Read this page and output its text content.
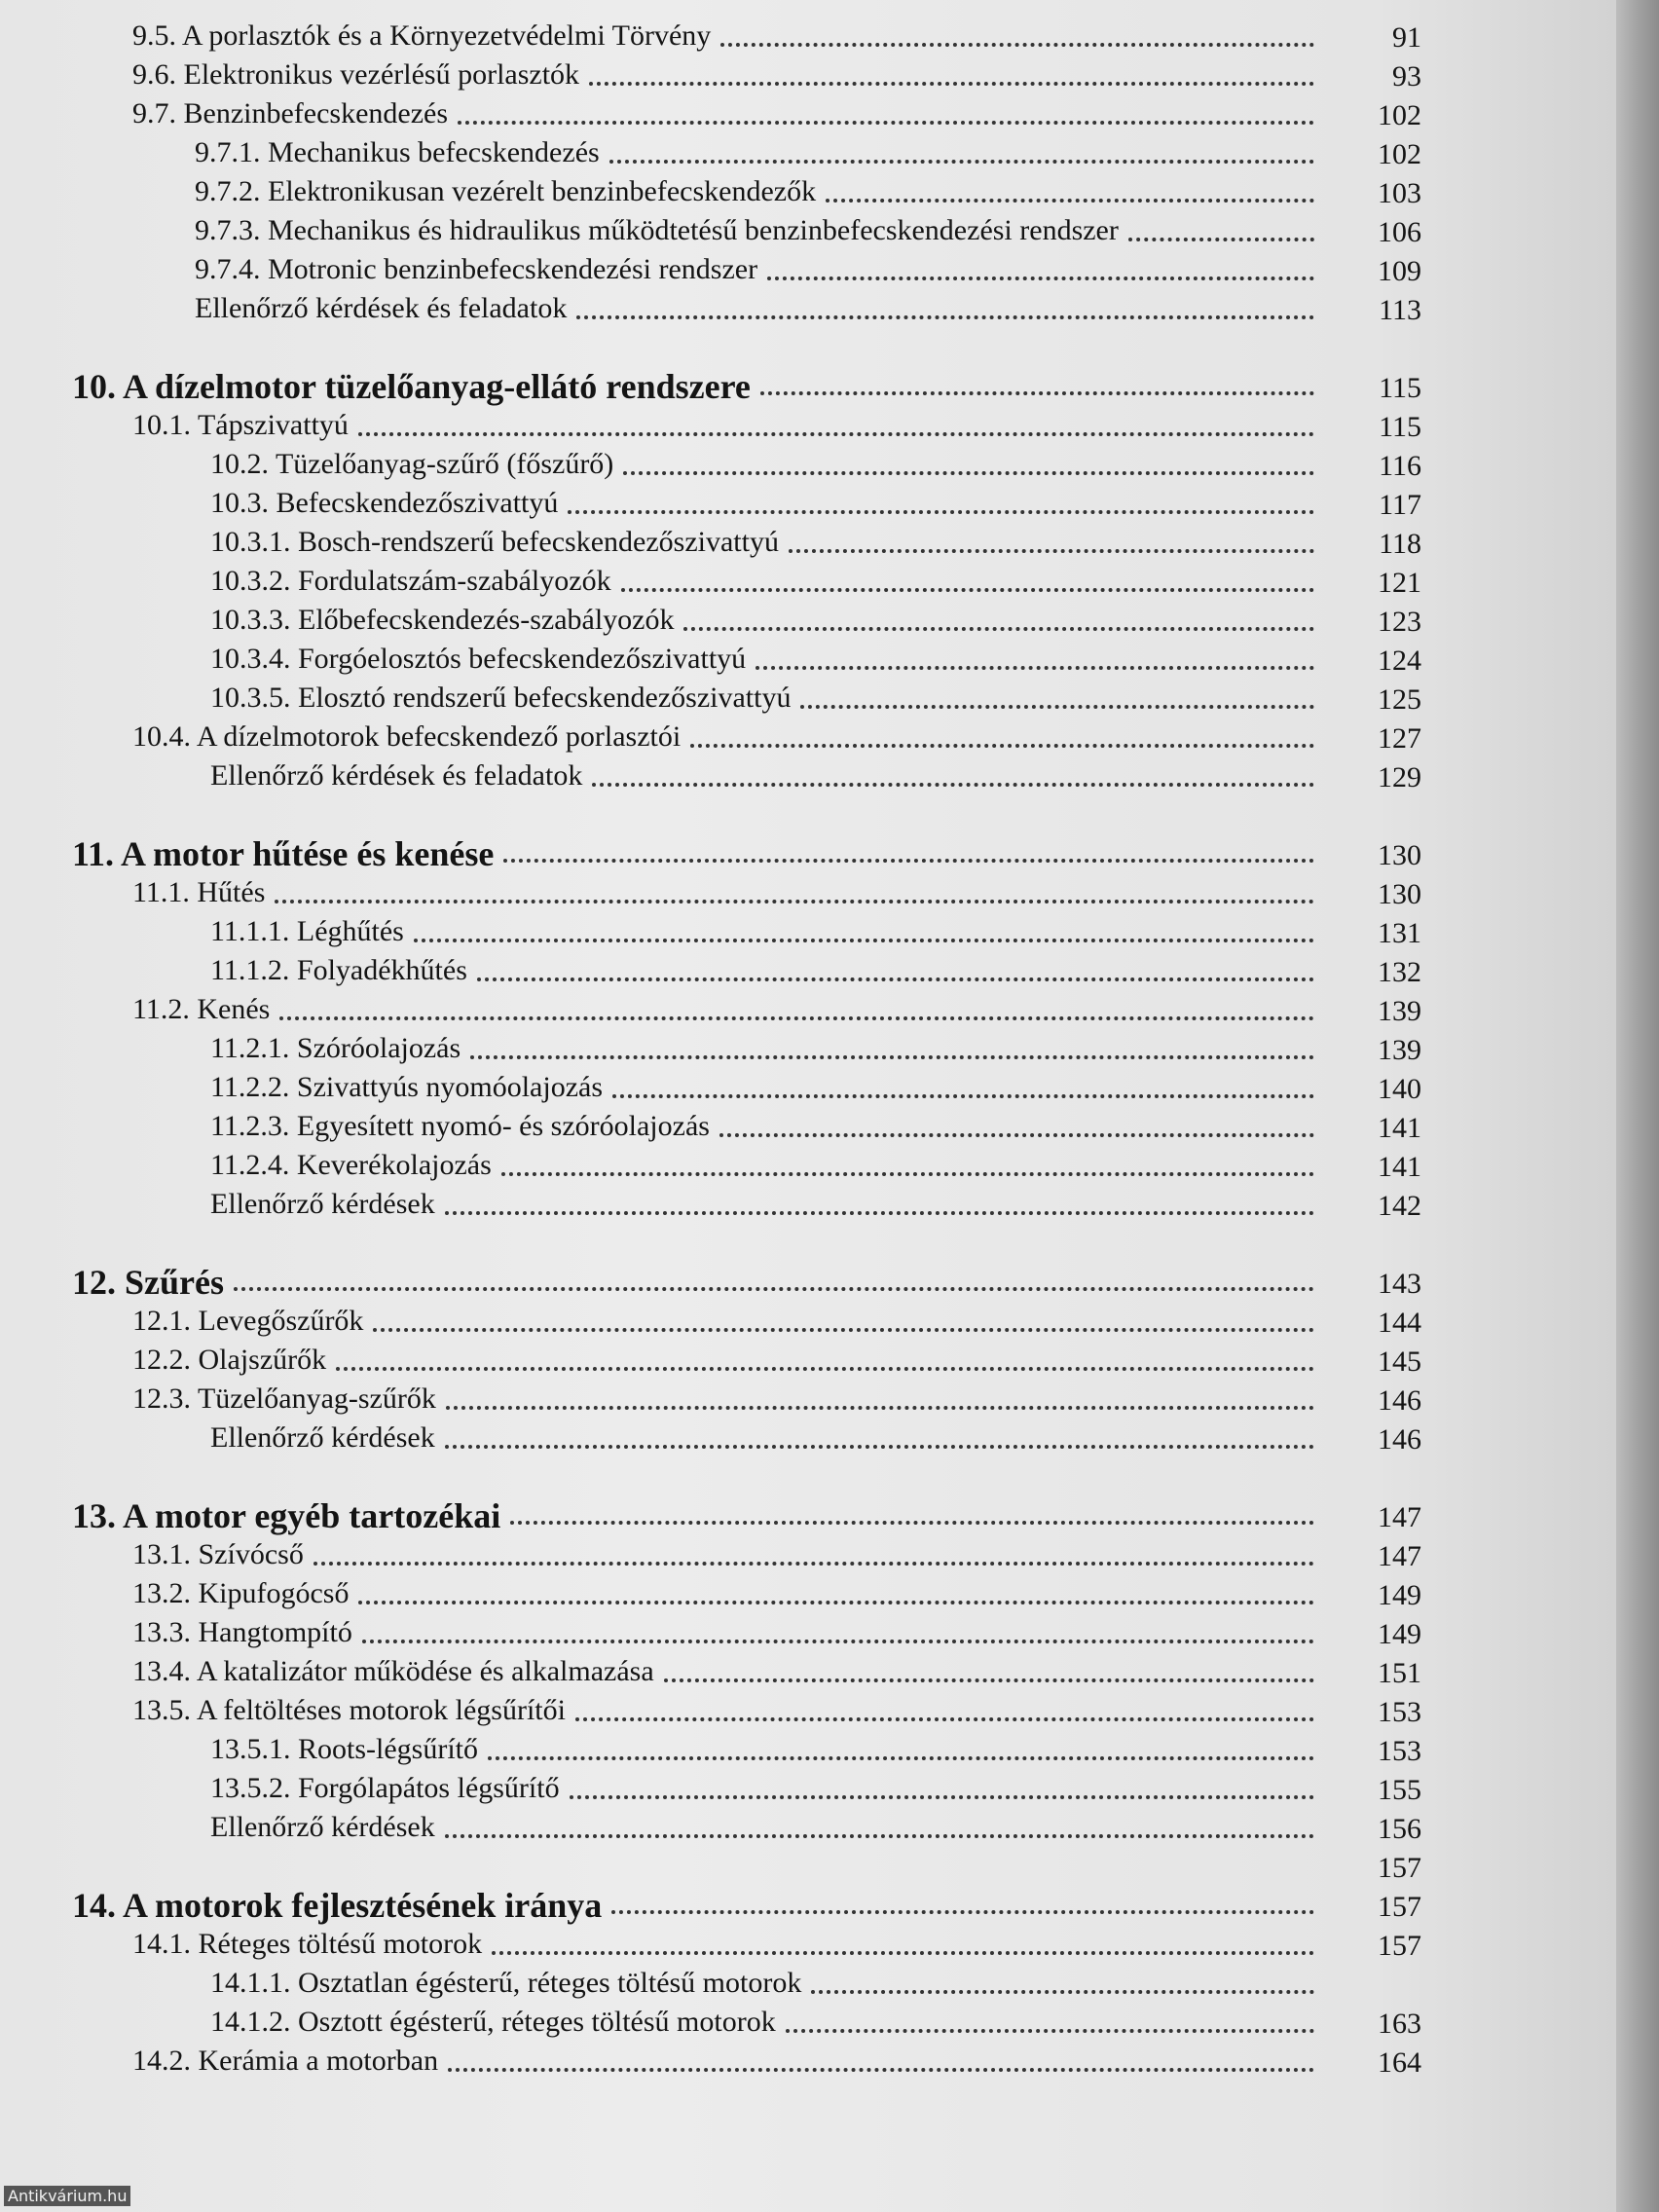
9.5. A porlasztók és a Környezetvédelmi Törvény
9.6. Elektronikus vezérlésű porlasztók
9.7. Benzinbefecskendezés
9.7.1. Mechanikus befecskendezés
9.7.2. Elektronikusan vezérelt benzinbefecskendezők
9.7.3. Mechanikus és hidraulikus működtetésű benzinbefecskendezési rendszer
9.7.4. Motronic benzinbefecskendezési rendszer
Ellenőrző kérdések és feladatok
10. A dízelmotor tüzelőanyag-ellátó rendszere
10.1. Tápszivattyú
10.2. Tüzelőanyag-szűrő (főszűrő)
10.3. Befecskendezőszivattyú
10.3.1. Bosch-rendszerű befecskendezőszivattyú
10.3.2. Fordulatszám-szabályozók
10.3.3. Előbefecskendezés-szabályozók
10.3.4. Forgóelosztós befecskendezőszivattyú
10.3.5. Elosztó rendszerű befecskendezőszivattyú
10.4. A dízelmotorok befecskendező porlasztói
Ellenőrző kérdések és feladatok
11. A motor hűtése és kenése
11.1. Hűtés
11.1.1. Léghűtés
11.1.2. Folyadékhűtés
11.2. Kenés
11.2.1. Szóróolajozás
11.2.2. Szivattyús nyomóolajozás
11.2.3. Egyesített nyomó- és szóróolajozás
11.2.4. Keverékolajozás
Ellenőrző kérdések
12. Szűrés
12.1. Levegőszűrők
12.2. Olajszűrők
12.3. Tüzelőanyag-szűrők
Ellenőrző kérdések
13. A motor egyéb tartozékai
13.1. Szívócső
13.2. Kipufogócső
13.3. Hangtompító
13.4. A katalizátor működése és alkalmazása
13.5. A feltöltéses motorok légsűrítői
13.5.1. Roots-légsűrítő
13.5.2. Forgólapátos légsűrítő
Ellenőrző kérdések
14. A motorok fejlesztésének iránya
14.1. Réteges töltésű motorok
14.1.1. Osztatlan égésterű, réteges töltésű motorok
14.1.2. Osztott égésterű, réteges töltésű motorok
14.2. Kerámia a motorban
91
93
102
102
103
106
109
113
115
115
116
117
118
121
123
124
125
127
129
130
130
131
132
139
139
140
141
141
142
143
144
145
146
146
147
147
149
149
151
153
153
155
156
157
157
157
163
164
Antikvárium.hu
